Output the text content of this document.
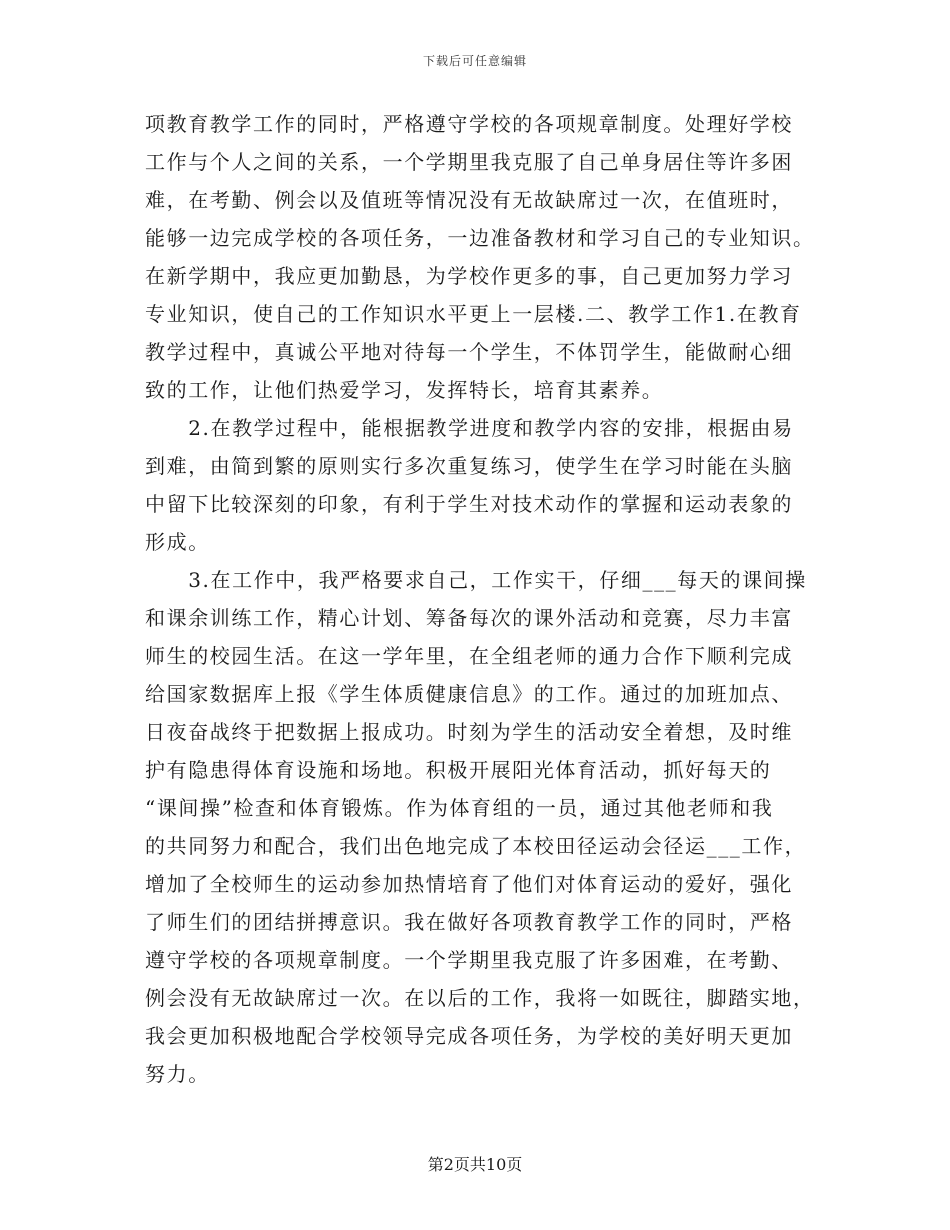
下载后可任意编辑
项教育教学工作的同时，严格遵守学校的各项规章制度。处理好学校
工作与个人之间的关系，一个学期里我克服了自己单身居住等许多困
难，在考勤、例会以及值班等情况没有无故缺席过一次，在值班时，
能够一边完成学校的各项任务，一边准备教材和学习自己的专业知识。
在新学期中，我应更加勤恳，为学校作更多的事，自己更加努力学习
专业知识，使自己的工作知识水平更上一层楼.二、教学工作1.在教育
教学过程中，真诚公平地对待每一个学生，不体罚学生，能做耐心细
致的工作，让他们热爱学习，发挥特长，培育其素养。
　　2.在教学过程中，能根据教学进度和教学内容的安排，根据由易
到难，由简到繁的原则实行多次重复练习，使学生在学习时能在头脑
中留下比较深刻的印象，有利于学生对技术动作的掌握和运动表象的
形成。
　　3.在工作中，我严格要求自己，工作实干，仔细___每天的课间操
和课余训练工作，精心计划、筹备每次的课外活动和竞赛，尽力丰富
师生的校园生活。在这一学年里，在全组老师的通力合作下顺利完成
给国家数据库上报《学生体质健康信息》的工作。通过的加班加点、
日夜奋战终于把数据上报成功。时刻为学生的活动安全着想，及时维
护有隐患得体育设施和场地。积极开展阳光体育活动，抓好每天的
“课间操”检查和体育锻炼。作为体育组的一员，通过其他老师和我
的共同努力和配合，我们出色地完成了本校田径运动会径运___工作，
增加了全校师生的运动参加热情培育了他们对体育运动的爱好，强化
了师生们的团结拼搏意识。我在做好各项教育教学工作的同时，严格
遵守学校的各项规章制度。一个学期里我克服了许多困难，在考勤、
例会没有无故缺席过一次。在以后的工作，我将一如既往，脚踏实地，
我会更加积极地配合学校领导完成各项任务，为学校的美好明天更加
努力。
第2页共10页
